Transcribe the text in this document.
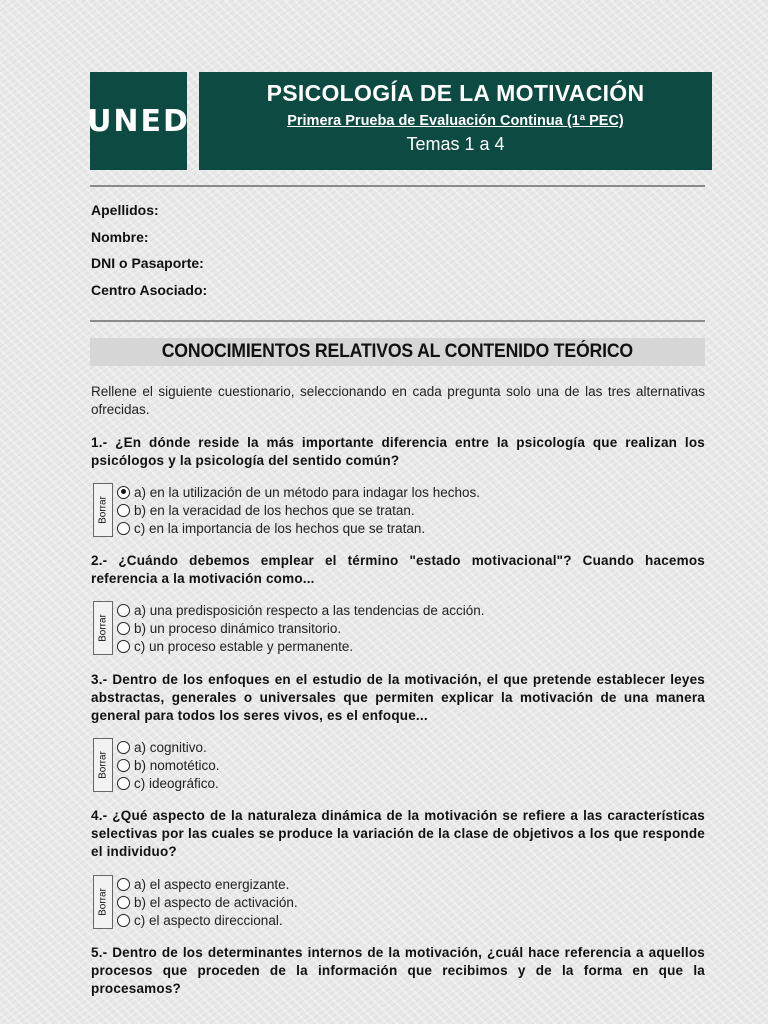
UNED
PSICOLOGÍA DE LA MOTIVACIÓN
Primera Prueba de Evaluación Continua (1ª PEC)
Temas 1 a 4
Apellidos:
Nombre:
DNI o Pasaporte:
Centro Asociado:
CONOCIMIENTOS RELATIVOS AL CONTENIDO TEÓRICO
Rellene el siguiente cuestionario, seleccionando en cada pregunta solo una de las tres alternativas ofrecidas.
1.- ¿En dónde reside la más importante diferencia entre la psicología que realizan los psicólogos y la psicología del sentido común?
Borrar
a) en la utilización de un método para indagar los hechos.
b) en la veracidad de los hechos que se tratan.
c) en la importancia de los hechos que se tratan.
2.- ¿Cuándo debemos emplear el término "estado motivacional"? Cuando hacemos referencia a la motivación como...
Borrar
a) una predisposición respecto a las tendencias de acción.
b) un proceso dinámico transitorio.
c) un proceso estable y permanente.
3.- Dentro de los enfoques en el estudio de la motivación, el que pretende establecer leyes abstractas, generales o universales que permiten explicar la motivación de una manera general para todos los seres vivos, es el enfoque...
Borrar
a) cognitivo.
b) nomotético.
c) ideográfico.
4.- ¿Qué aspecto de la naturaleza dinámica de la motivación se refiere a las características selectivas por las cuales se produce la variación de la clase de objetivos a los que responde el individuo?
Borrar
a) el aspecto energizante.
b) el aspecto de activación.
c) el aspecto direccional.
5.- Dentro de los determinantes internos de la motivación, ¿cuál hace referencia a aquellos procesos que proceden de la información que recibimos y de la forma en que la procesamos?
